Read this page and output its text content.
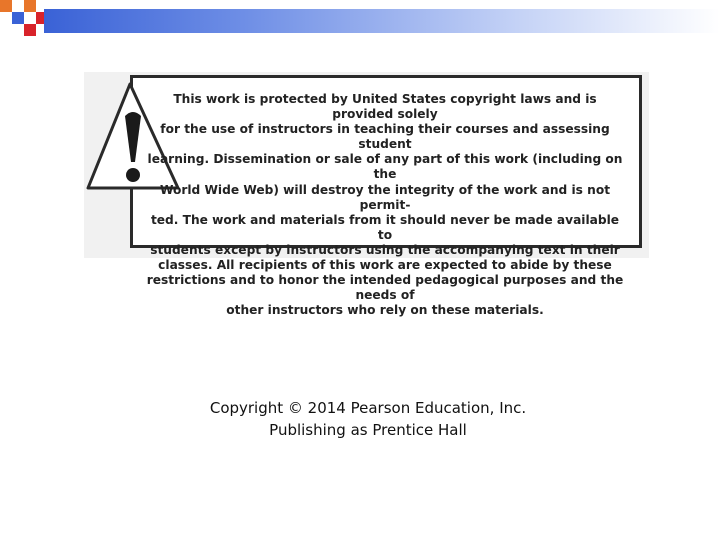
This work is protected by United States copyright laws and is provided solely
for the use of instructors in teaching their courses and assessing student
learning. Dissemination or sale of any part of this work (including on the
World Wide Web) will destroy the integrity of the work and is not permit-
ted. The work and materials from it should never be made available to
students except by instructors using the accompanying text in their
classes. All recipients of this work are expected to abide by these
restrictions and to honor the intended pedagogical purposes and the needs of
other instructors who rely on these materials.

Copyright © 2014 Pearson Education, Inc.
Publishing as Prentice Hall
